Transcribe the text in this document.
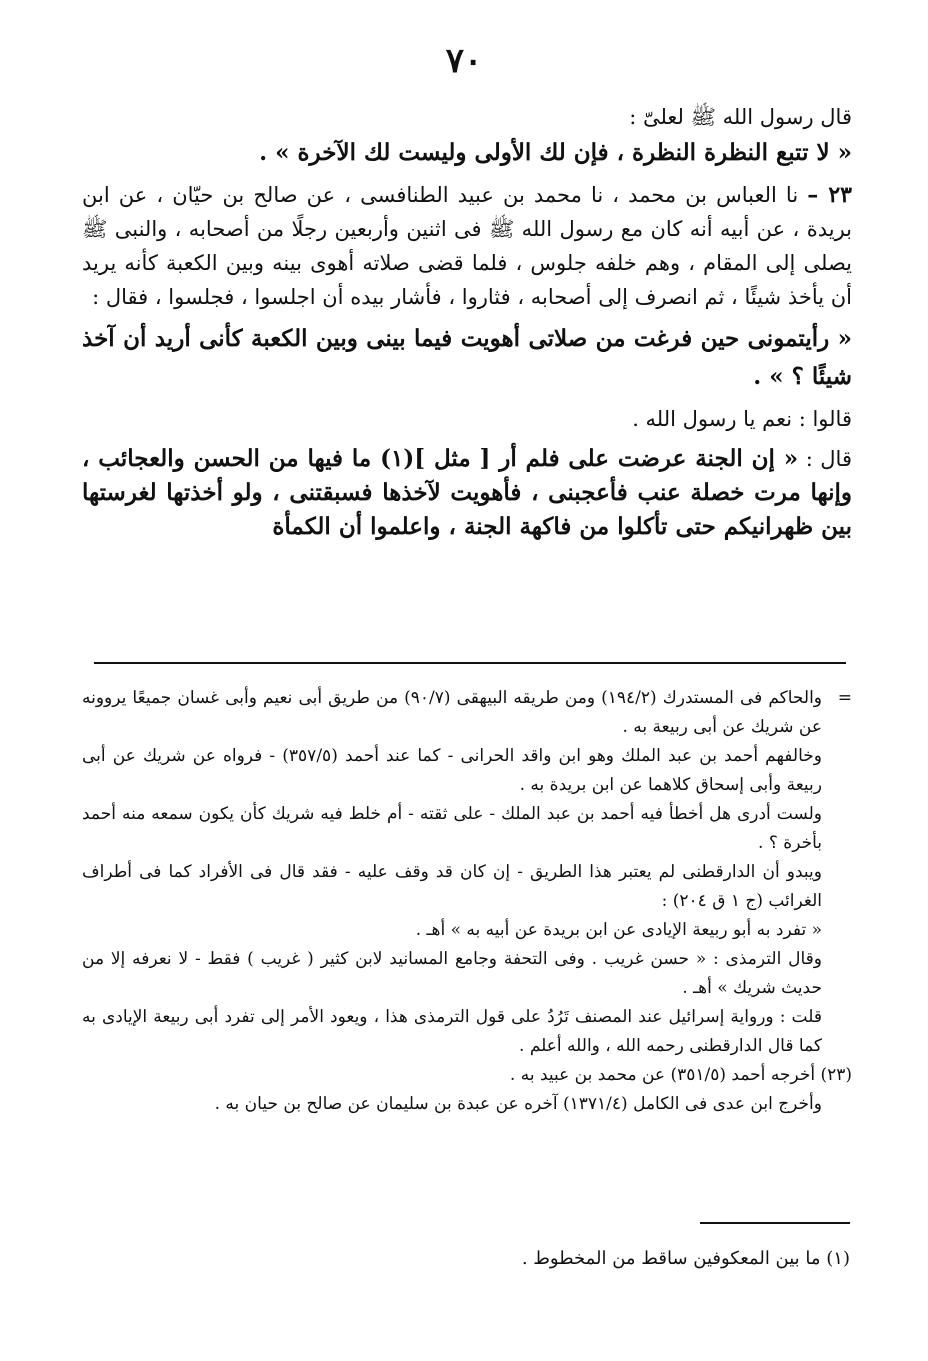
٧٠

قال رسول الله ﷺ لعلىّ :

« لا تتبع النظرة النظرة ، فإن لك الأولى وليست لك الآخرة » .

٢٣ – نا العباس بن محمد ، نا محمد بن عبيد الطنافسى ، عن صالح بن حيّان ، عن ابن بريدة ، عن أبيه أنه كان مع رسول الله ﷺ فى اثنين وأربعين رجلًا من أصحابه ، والنبى ﷺ يصلى إلى المقام ، وهم خلفه جلوس ، فلما قضى صلاته أهوى بينه وبين الكعبة كأنه يريد أن يأخذ شيئًا ، ثم انصرف إلى أصحابه ، فثاروا ، فأشار بيده أن اجلسوا ، فجلسوا ، فقال :

« رأيتمونى حين فرغت من صلاتى أهويت فيما بينى وبين الكعبة كأنى أريد أن آخذ شيئًا ؟ » .

قالوا : نعم يا رسول الله .

قال : « إن الجنة عرضت على فلم أر [ مثل ](١) ما فيها من الحسن والعجائب ، وإنها مرت خصلة عنب فأعجبنى ، فأهويت لآخذها فسبقتنى ، ولو أخذتها لغرستها بين ظهرانيكم حتى تأكلوا من فاكهة الجنة ، واعلموا أن الكمأة

=
والحاكم فى المستدرك (١٩٤/٢) ومن طريقه البيهقى (٩٠/٧) من طريق أبى نعيم وأبى غسان جميعًا يروونه عن شريك عن أبى ربيعة به .

وخالفهم أحمد بن عبد الملك وهو ابن واقد الحرانى - كما عند أحمد (٣٥٧/٥) - فرواه عن شريك عن أبى ربيعة وأبى إسحاق كلاهما عن ابن بريدة به .

ولست أدرى هل أخطأ فيه أحمد بن عبد الملك - على ثقته - أم خلط فيه شريك كأن يكون سمعه منه أحمد بأخرة ؟ .

ويبدو أن الدارقطنى لم يعتبر هذا الطريق - إن كان قد وقف عليه - فقد قال فى الأفراد كما فى أطراف الغرائب (ج ١ ق ٢٠٤) :

« تفرد به أبو ربيعة الإيادى عن ابن بريدة عن أبيه به » أهـ .

وقال الترمذى : « حسن غريب . وفى التحفة وجامع المسانيد لابن كثير ( غريب ) فقط - لا نعرفه إلا من حديث شريك » أهـ .

قلت : ورواية إسرائيل عند المصنف تَرُدُ على قول الترمذى هذا ، ويعود الأمر إلى تفرد أبى ربيعة الإيادى به كما قال الدارقطنى رحمه الله ، والله أعلم .

(٢٣) أخرجه أحمد (٣٥١/٥) عن محمد بن عبيد به .

وأخرج ابن عدى فى الكامل (١٣٧١/٤) آخره عن عبدة بن سليمان عن صالح بن حيان به .

(١) ما بين المعكوفين ساقط من المخطوط .
